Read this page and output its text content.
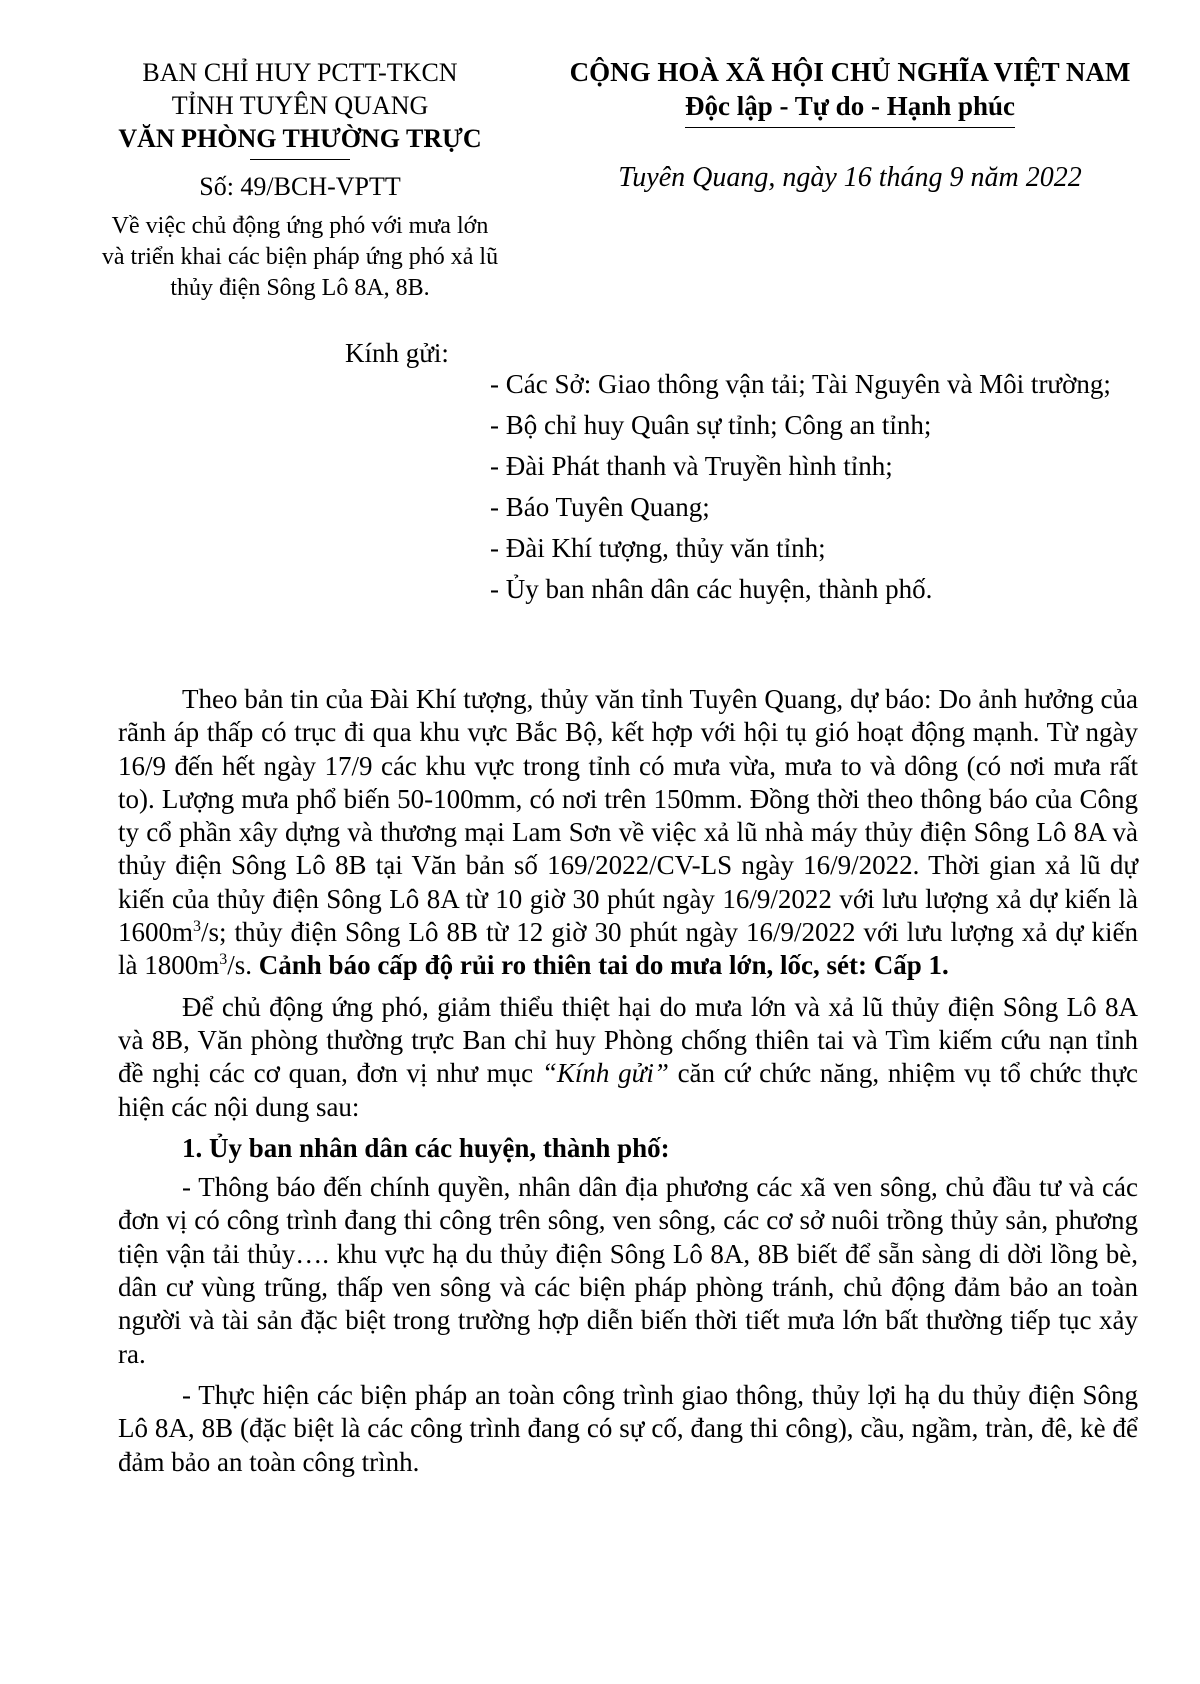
BAN CHỈ HUY PCTT-TKCN
TỈNH TUYÊN QUANG
VĂN PHÒNG THƯỜNG TRỰC
Số: 49/BCH-VPTT
Về việc chủ động ứng phó với mưa lớn và triển khai các biện pháp ứng phó xả lũ thủy điện Sông Lô 8A, 8B.
CỘNG HOÀ XÃ HỘI CHỦ NGHĨA VIỆT NAM
Độc lập - Tự do - Hạnh phúc
Tuyên Quang, ngày 16 tháng 9 năm 2022
Kính gửi:
- Các Sở: Giao thông vận tải; Tài Nguyên và Môi trường;
- Bộ chỉ huy Quân sự tỉnh; Công an tỉnh;
- Đài Phát thanh và Truyền hình tỉnh;
- Báo Tuyên Quang;
- Đài Khí tượng, thủy văn tỉnh;
- Ủy ban nhân dân các huyện, thành phố.

Theo bản tin của Đài Khí tượng, thủy văn tỉnh Tuyên Quang, dự báo: Do ảnh hưởng của rãnh áp thấp có trục đi qua khu vực Bắc Bộ, kết hợp với hội tụ gió hoạt động mạnh. Từ ngày 16/9 đến hết ngày 17/9 các khu vực trong tỉnh có mưa vừa, mưa to và dông (có nơi mưa rất to). Lượng mưa phổ biến 50-100mm, có nơi trên 150mm. Đồng thời theo thông báo của Công ty cổ phần xây dựng và thương mại Lam Sơn về việc xả lũ nhà máy thủy điện Sông Lô 8A và thủy điện Sông Lô 8B tại Văn bản số 169/2022/CV-LS ngày 16/9/2022. Thời gian xả lũ dự kiến của thủy điện Sông Lô 8A từ 10 giờ 30 phút ngày 16/9/2022 với lưu lượng xả dự kiến là $1600m^3/s$; thủy điện Sông Lô 8B từ 12 giờ 30 phút ngày 16/9/2022 với lưu lượng xả dự kiến là $1800m^3/s$. Cảnh báo cấp độ rủi ro thiên tai do mưa lớn, lốc, sét: Cấp 1.

Để chủ động ứng phó, giảm thiểu thiệt hại do mưa lớn và xả lũ thủy điện Sông Lô 8A và 8B, Văn phòng thường trực Ban chỉ huy Phòng chống thiên tai và Tìm kiếm cứu nạn tỉnh đề nghị các cơ quan, đơn vị như mục “Kính gửi” căn cứ chức năng, nhiệm vụ tổ chức thực hiện các nội dung sau:

1. Ủy ban nhân dân các huyện, thành phố:

- Thông báo đến chính quyền, nhân dân địa phương các xã ven sông, chủ đầu tư và các đơn vị có công trình đang thi công trên sông, ven sông, các cơ sở nuôi trồng thủy sản, phương tiện vận tải thủy…. khu vực hạ du thủy điện Sông Lô 8A, 8B biết để sẵn sàng di dời lồng bè, dân cư vùng trũng, thấp ven sông và các biện pháp phòng tránh, chủ động đảm bảo an toàn người và tài sản đặc biệt trong trường hợp diễn biến thời tiết mưa lớn bất thường tiếp tục xảy ra.

- Thực hiện các biện pháp an toàn công trình giao thông, thủy lợi hạ du thủy điện Sông Lô 8A, 8B (đặc biệt là các công trình đang có sự cố, đang thi công), cầu, ngầm, tràn, đê, kè để đảm bảo an toàn công trình.
